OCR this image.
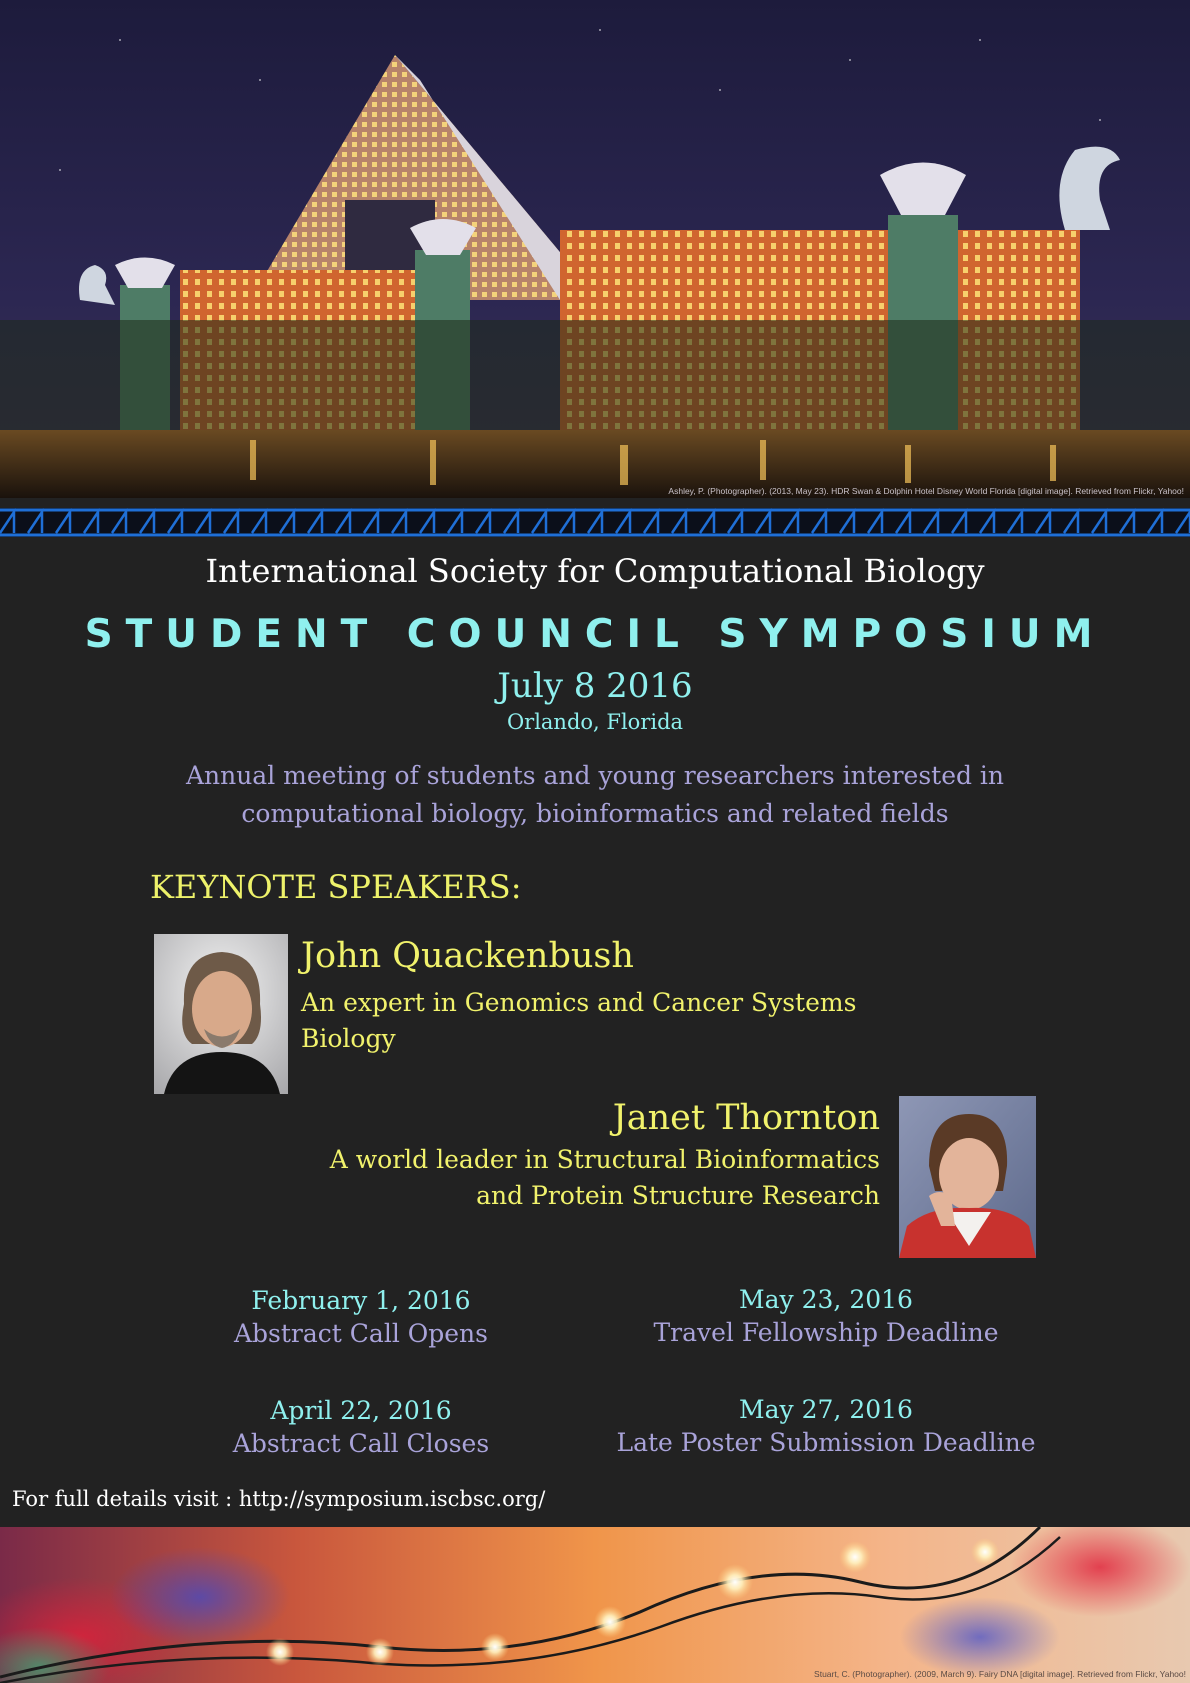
Ashley, P. (Photographer). (2013, May 23). HDR Swan & Dolphin Hotel Disney World Florida [digital image]. Retrieved from Flickr, Yahoo!
International Society for Computational Biology
STUDENT COUNCIL SYMPOSIUM
July 8 2016
Orlando, Florida
Annual meeting of students and young researchers interested in
computational biology, bioinformatics and related fields
KEYNOTE SPEAKERS:
John Quackenbush
An expert in Genomics and Cancer Systems
Biology
Janet Thornton
A world leader in Structural Bioinformatics
and Protein Structure Research
February 1, 2016
Abstract Call Opens
May 23, 2016
Travel Fellowship Deadline
April 22, 2016
Abstract Call Closes
May 27, 2016
Late Poster Submission Deadline
For full details visit : http://symposium.iscbsc.org/
Stuart, C. (Photographer). (2009, March 9). Fairy DNA [digital image]. Retrieved from Flickr, Yahoo!
